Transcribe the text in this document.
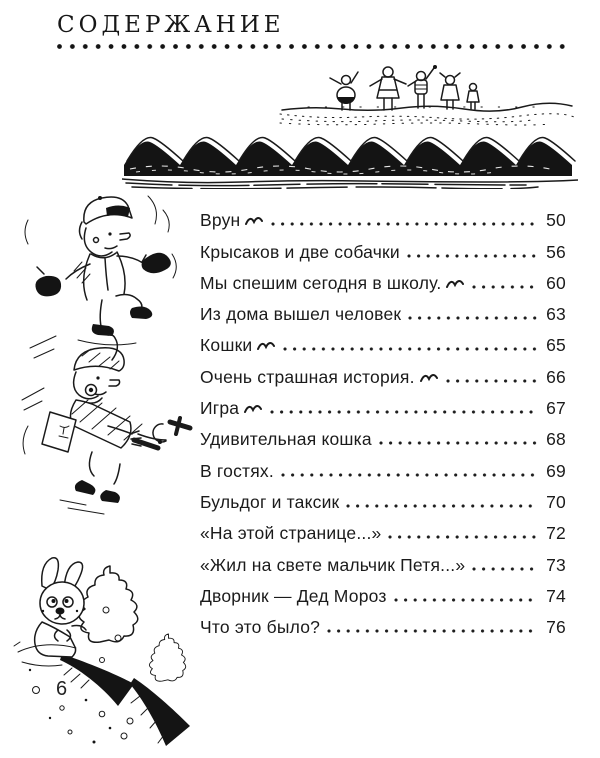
СОДЕРЖАНИЕ
Врун	50
Крысаков и две собачки	56
Мы спешим сегодня в школу.	60
Из дома вышел человек	63
Кошки	65
Очень страшная история.	66
Игра	67
Удивительная кошка	68
В гостях.	69
Бульдог и таксик	70
«На этой странице...»	72
«Жил на свете мальчик Петя...»	73
Дворник — Дед Мороз	74
Что это было?	76
6
